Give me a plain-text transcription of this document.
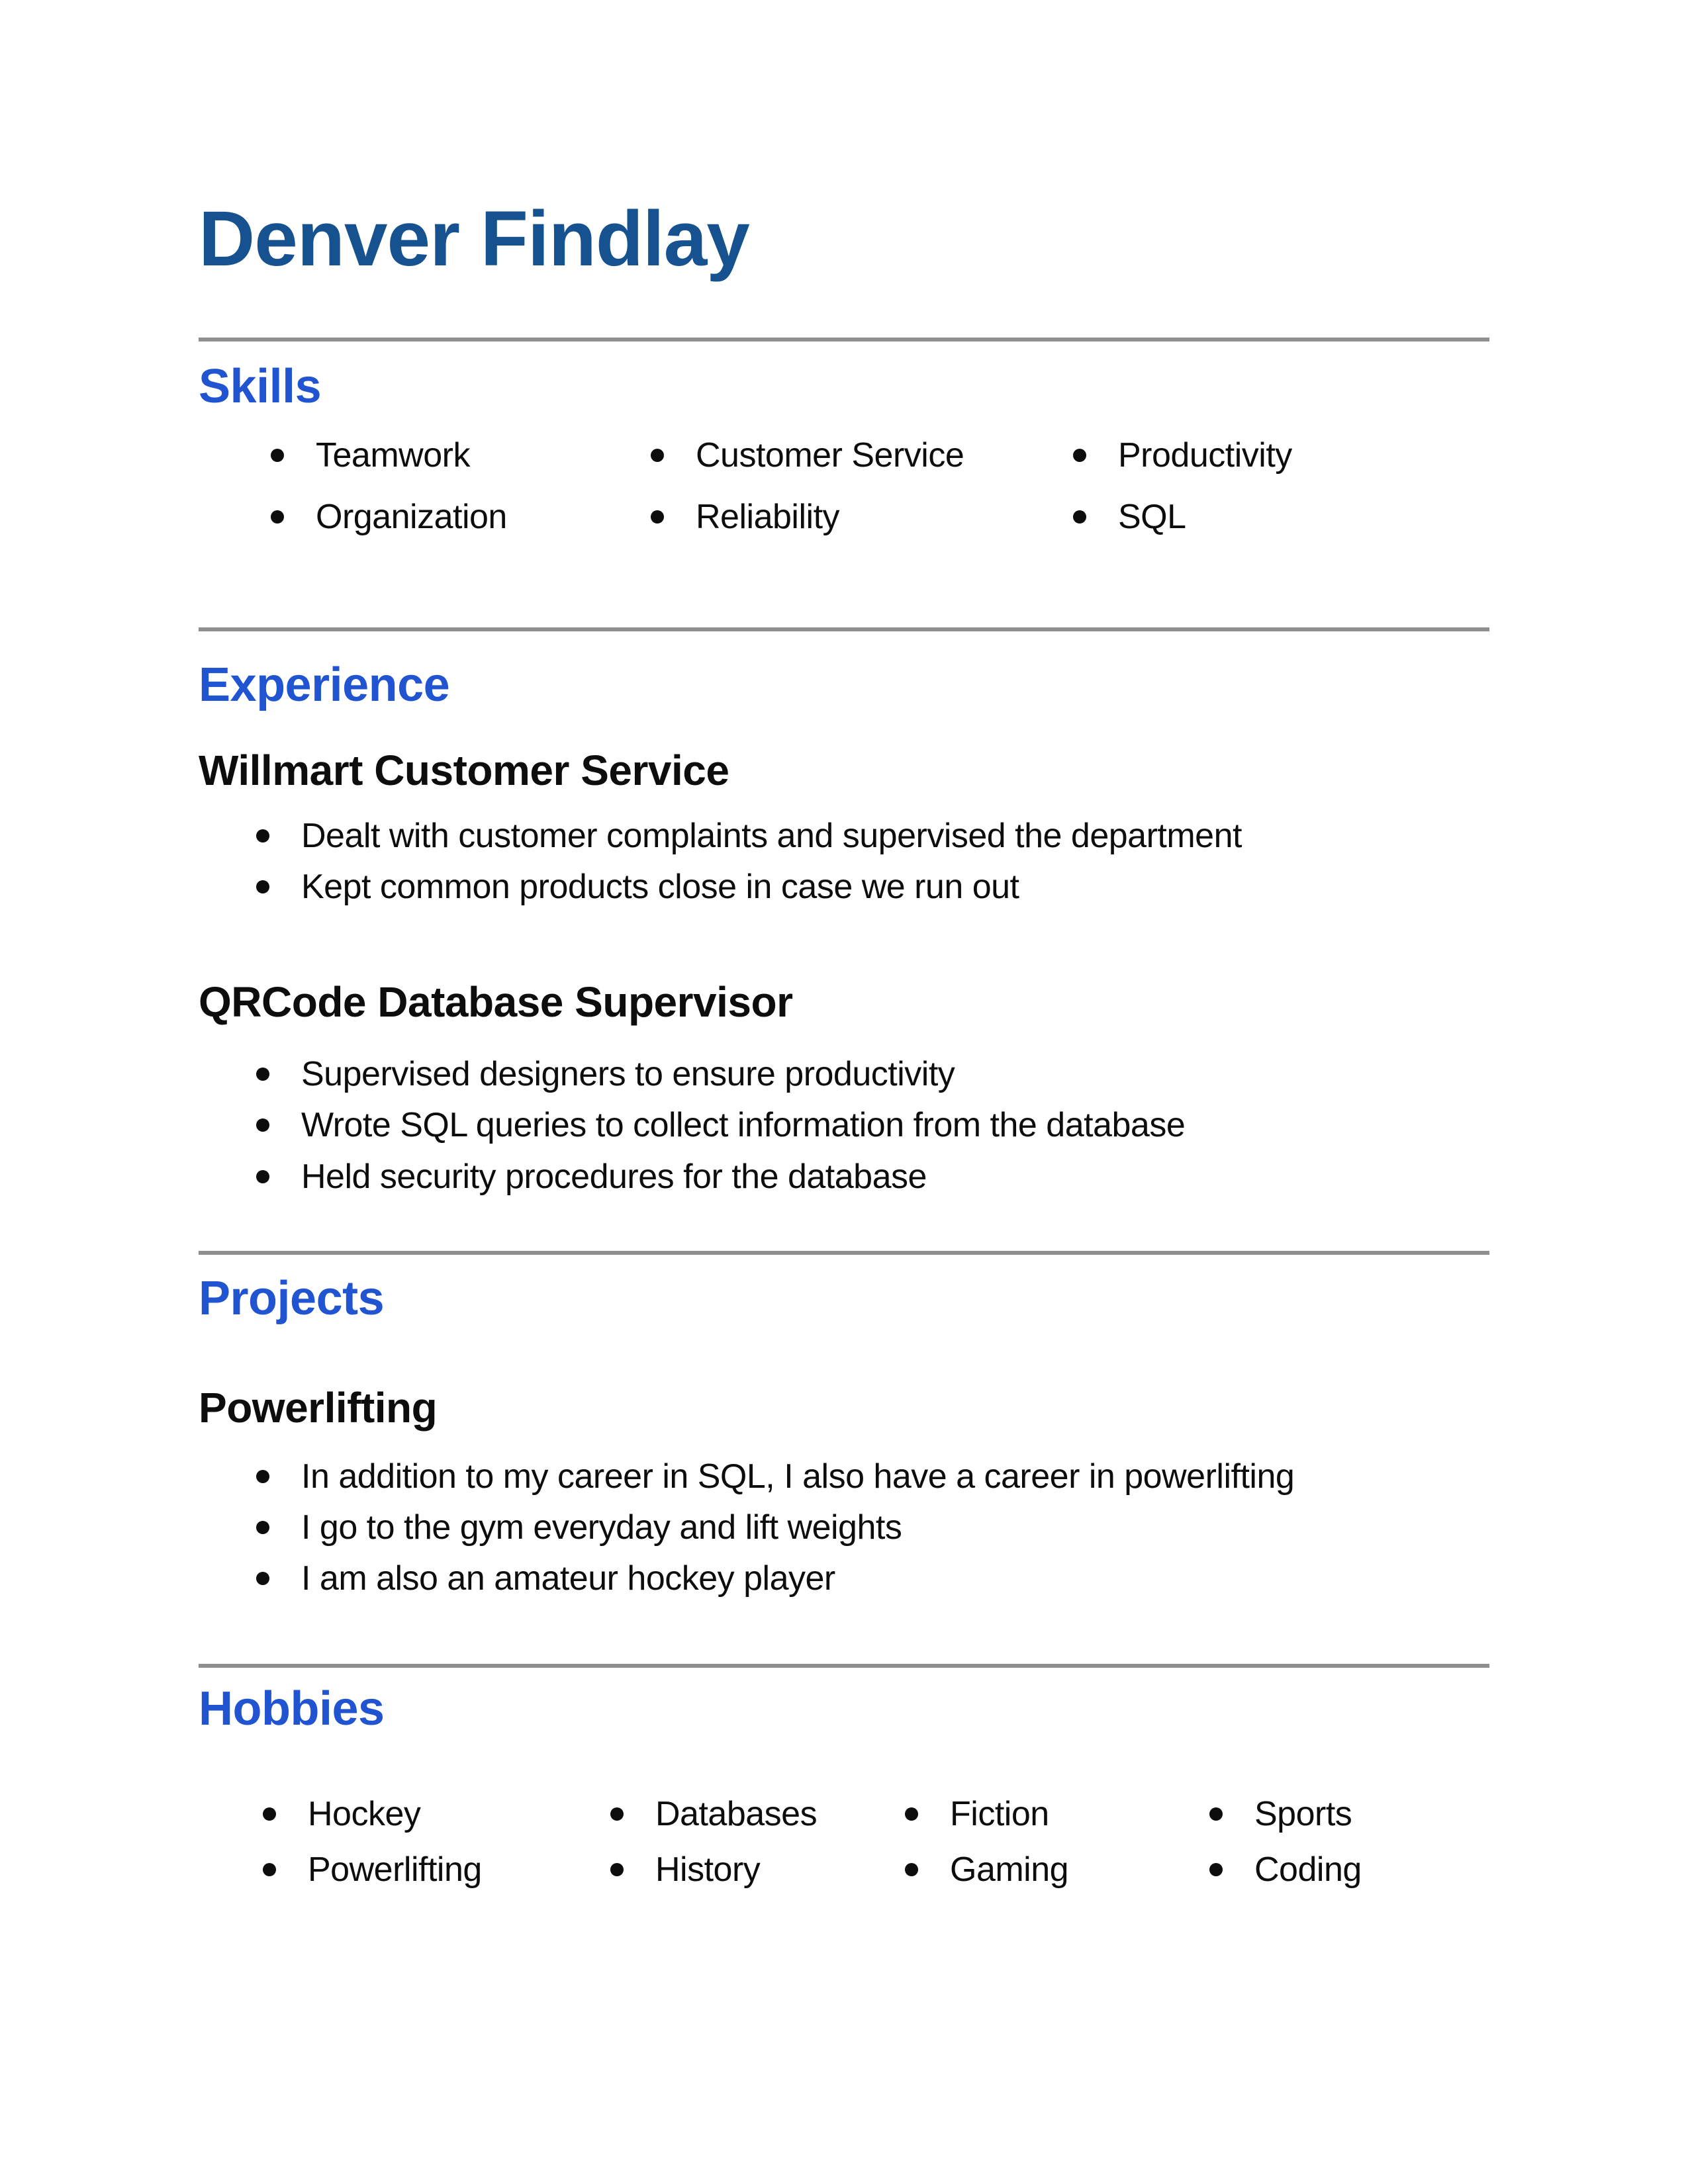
Denver Findlay
Skills
Teamwork	Customer Service	Productivity
Organization	Reliability	SQL
Experience
Willmart Customer Service
Dealt with customer complaints and supervised the department
Kept common products close in case we run out
QRCode Database Supervisor
Supervised designers to ensure productivity
Wrote SQL queries to collect information from the database
Held security procedures for the database
Projects
Powerlifting
In addition to my career in SQL, I also have a career in powerlifting
I go to the gym everyday and lift weights
I am also an amateur hockey player
Hobbies
Hockey	Databases	Fiction	Sports
Powerlifting	History	Gaming	Coding
